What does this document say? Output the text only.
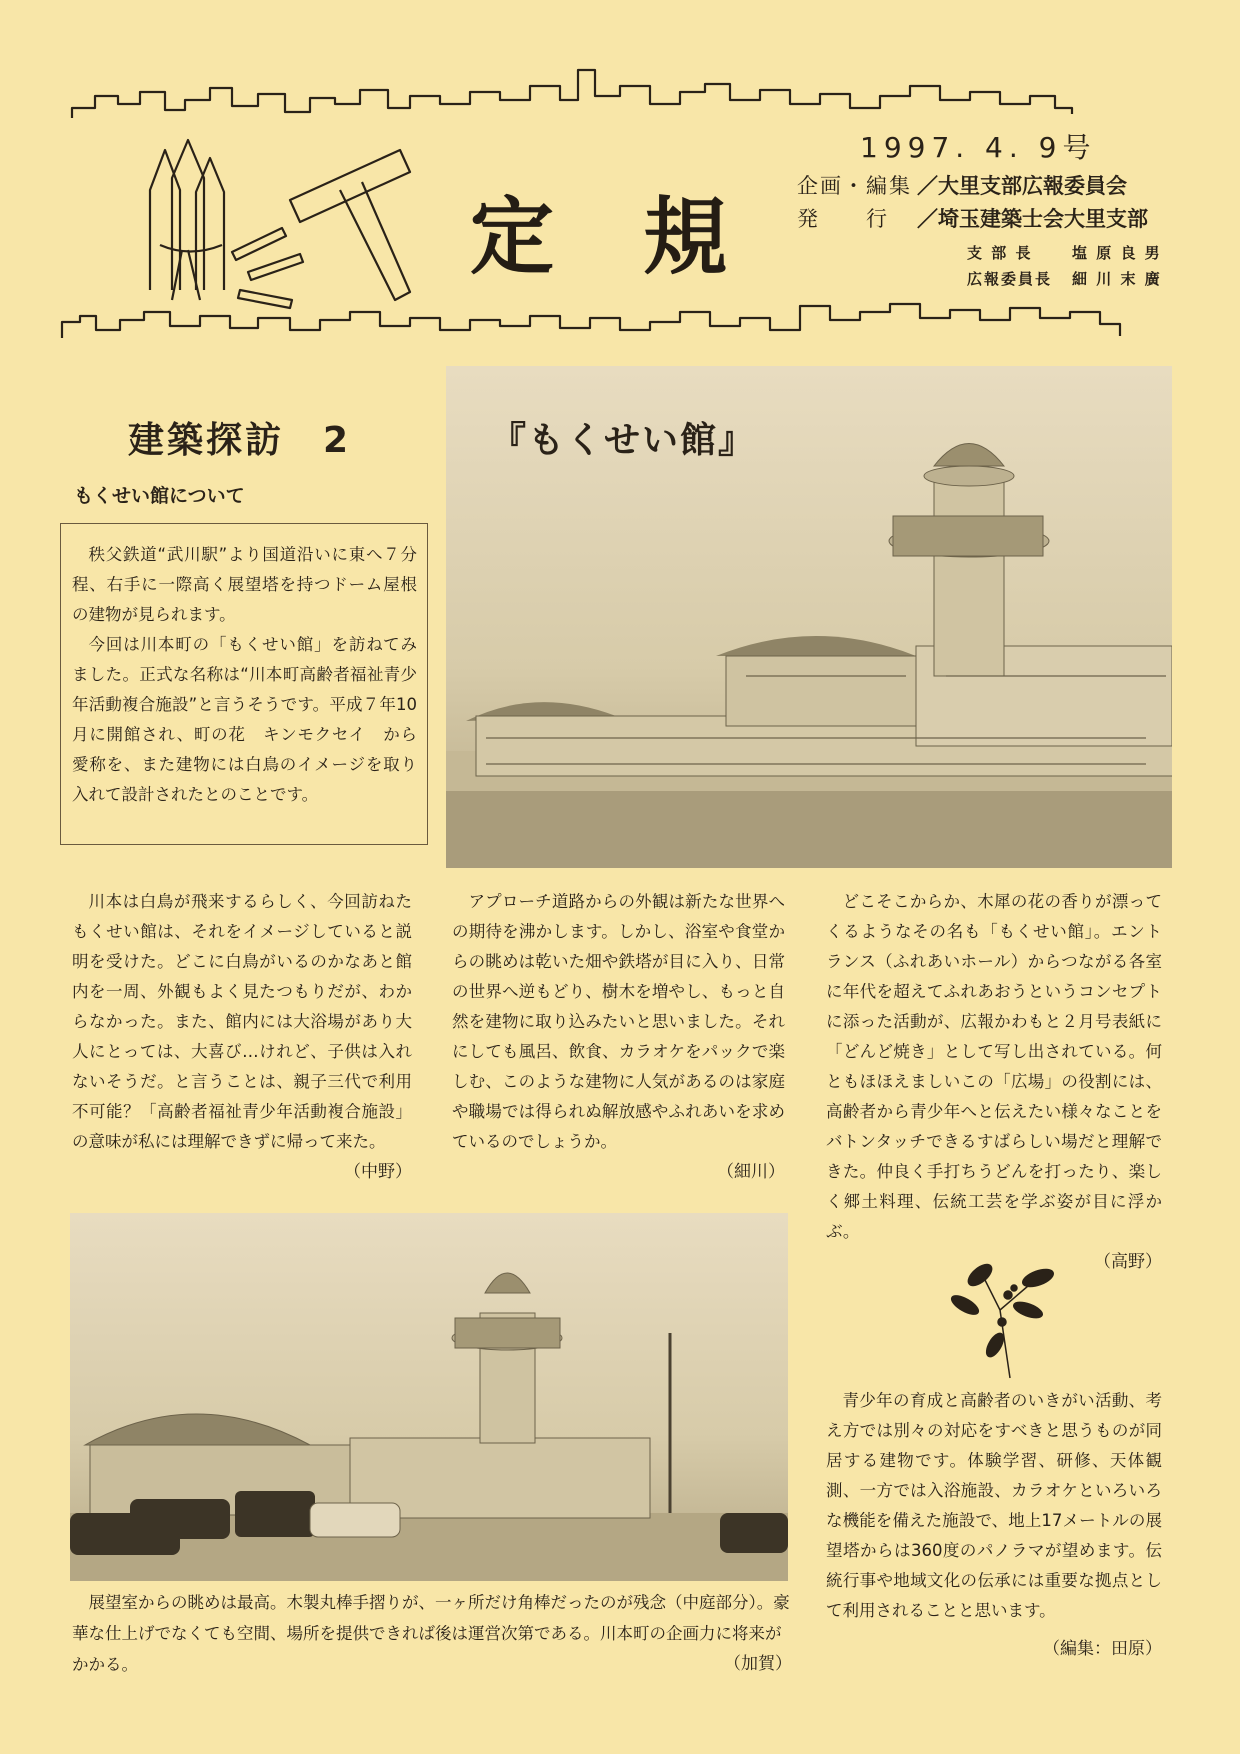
定 規
1997. 4. 9号
企画・編集 ／大里支部広報委員会
発　　行 ／埼玉建築士会大里支部
支 部 長	塩 原 良 男
広報委員長 細 川 末 廣
建築探訪　2	『もくせい館』
もくせい館について

秩父鉄道“武川駅”より国道沿いに東へ７分程、右手に一際高く展望塔を持つドーム屋根の建物が見られます。

今回は川本町の「もくせい館」を訪ねてみました。正式な名称は“川本町高齢者福祉青少年活動複合施設”と言うそうです。平成７年10月に開館され、町の花　キンモクセイ　から愛称を、また建物には白鳥のイメージを取り入れて設計されたとのことです。

川本は白鳥が飛来するらしく、今回訪ねたもくせい館は、それをイメージしていると説明を受けた。どこに白鳥がいるのかなあと館内を一周、外観もよく見たつもりだが、わからなかった。また、館内には大浴場があり大人にとっては、大喜び…けれど、子供は入れないそうだ。と言うことは、親子三代で利用不可能？「高齢者福祉青少年活動複合施設」の意味が私には理解できずに帰って来た。

（中野）

アプローチ道路からの外観は新たな世界への期待を沸かします。しかし、浴室や食堂からの眺めは乾いた畑や鉄塔が目に入り、日常の世界へ逆もどり、樹木を増やし、もっと自然を建物に取り込みたいと思いました。それにしても風呂、飲食、カラオケをパックで楽しむ、このような建物に人気があるのは家庭や職場では得られぬ解放感やふれあいを求めているのでしょうか。

（細川）

どこそこからか、木犀の花の香りが漂ってくるようなその名も「もくせい館」。エントランス（ふれあいホール）からつながる各室に年代を超えてふれあおうというコンセプトに添った活動が、広報かわもと２月号表紙に「どんど焼き」として写し出されている。何ともほほえましいこの「広場」の役割には、高齢者から青少年へと伝えたい様々なことをバトンタッチできるすばらしい場だと理解できた。仲良く手打ちうどんを打ったり、楽しく郷土料理、伝統工芸を学ぶ姿が目に浮かぶ。

（高野）

青少年の育成と高齢者のいきがい活動、考え方では別々の対応をすべきと思うものが同居する建物です。体験学習、研修、天体観測、一方では入浴施設、カラオケといろいろな機能を備えた施設で、地上17メートルの展望塔からは360度のパノラマが望めます。伝統行事や地域文化の伝承には重要な拠点として利用されることと思います。

（編集：田原）

展望室からの眺めは最高。木製丸棒手摺りが、一ヶ所だけ角棒だったのが残念（中庭部分）。豪華な仕上げでなくても空間、場所を提供できれば後は運営次第である。川本町の企画力に将来がかかる。	（加賀）
